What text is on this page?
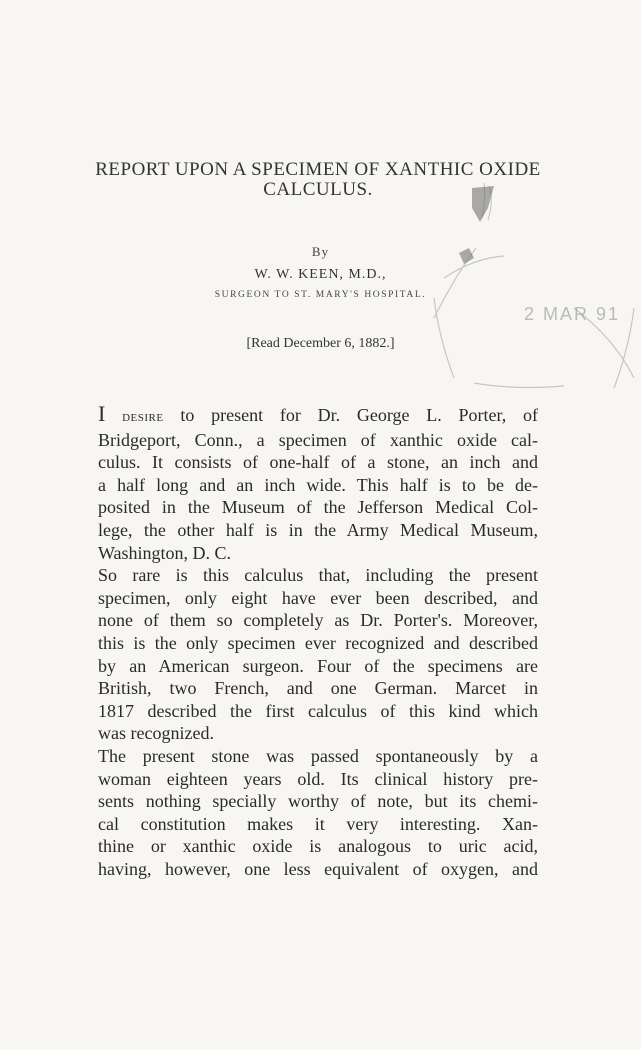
REPORT UPON A SPECIMEN OF XANTHIC OXIDE
CALCULUS.
By
W. W. KEEN, M.D.,
SURGEON TO ST. MARY'S HOSPITAL.
[Read December 6, 1882.]
2 MAR 91
I desire to present for Dr. George L. Porter, of
Bridgeport, Conn., a specimen of xanthic oxide cal-
culus. It consists of one-half of a stone, an inch and
a half long and an inch wide. This half is to be de-
posited in the Museum of the Jefferson Medical Col-
lege, the other half is in the Army Medical Museum,
Washington, D. C.
So rare is this calculus that, including the present
specimen, only eight have ever been described, and
none of them so completely as Dr. Porter's. Moreover,
this is the only specimen ever recognized and described
by an American surgeon. Four of the specimens are
British, two French, and one German. Marcet in
1817 described the first calculus of this kind which
was recognized.
The present stone was passed spontaneously by a
woman eighteen years old. Its clinical history pre-
sents nothing specially worthy of note, but its chemi-
cal constitution makes it very interesting. Xan-
thine or xanthic oxide is analogous to uric acid,
having, however, one less equivalent of oxygen, and
